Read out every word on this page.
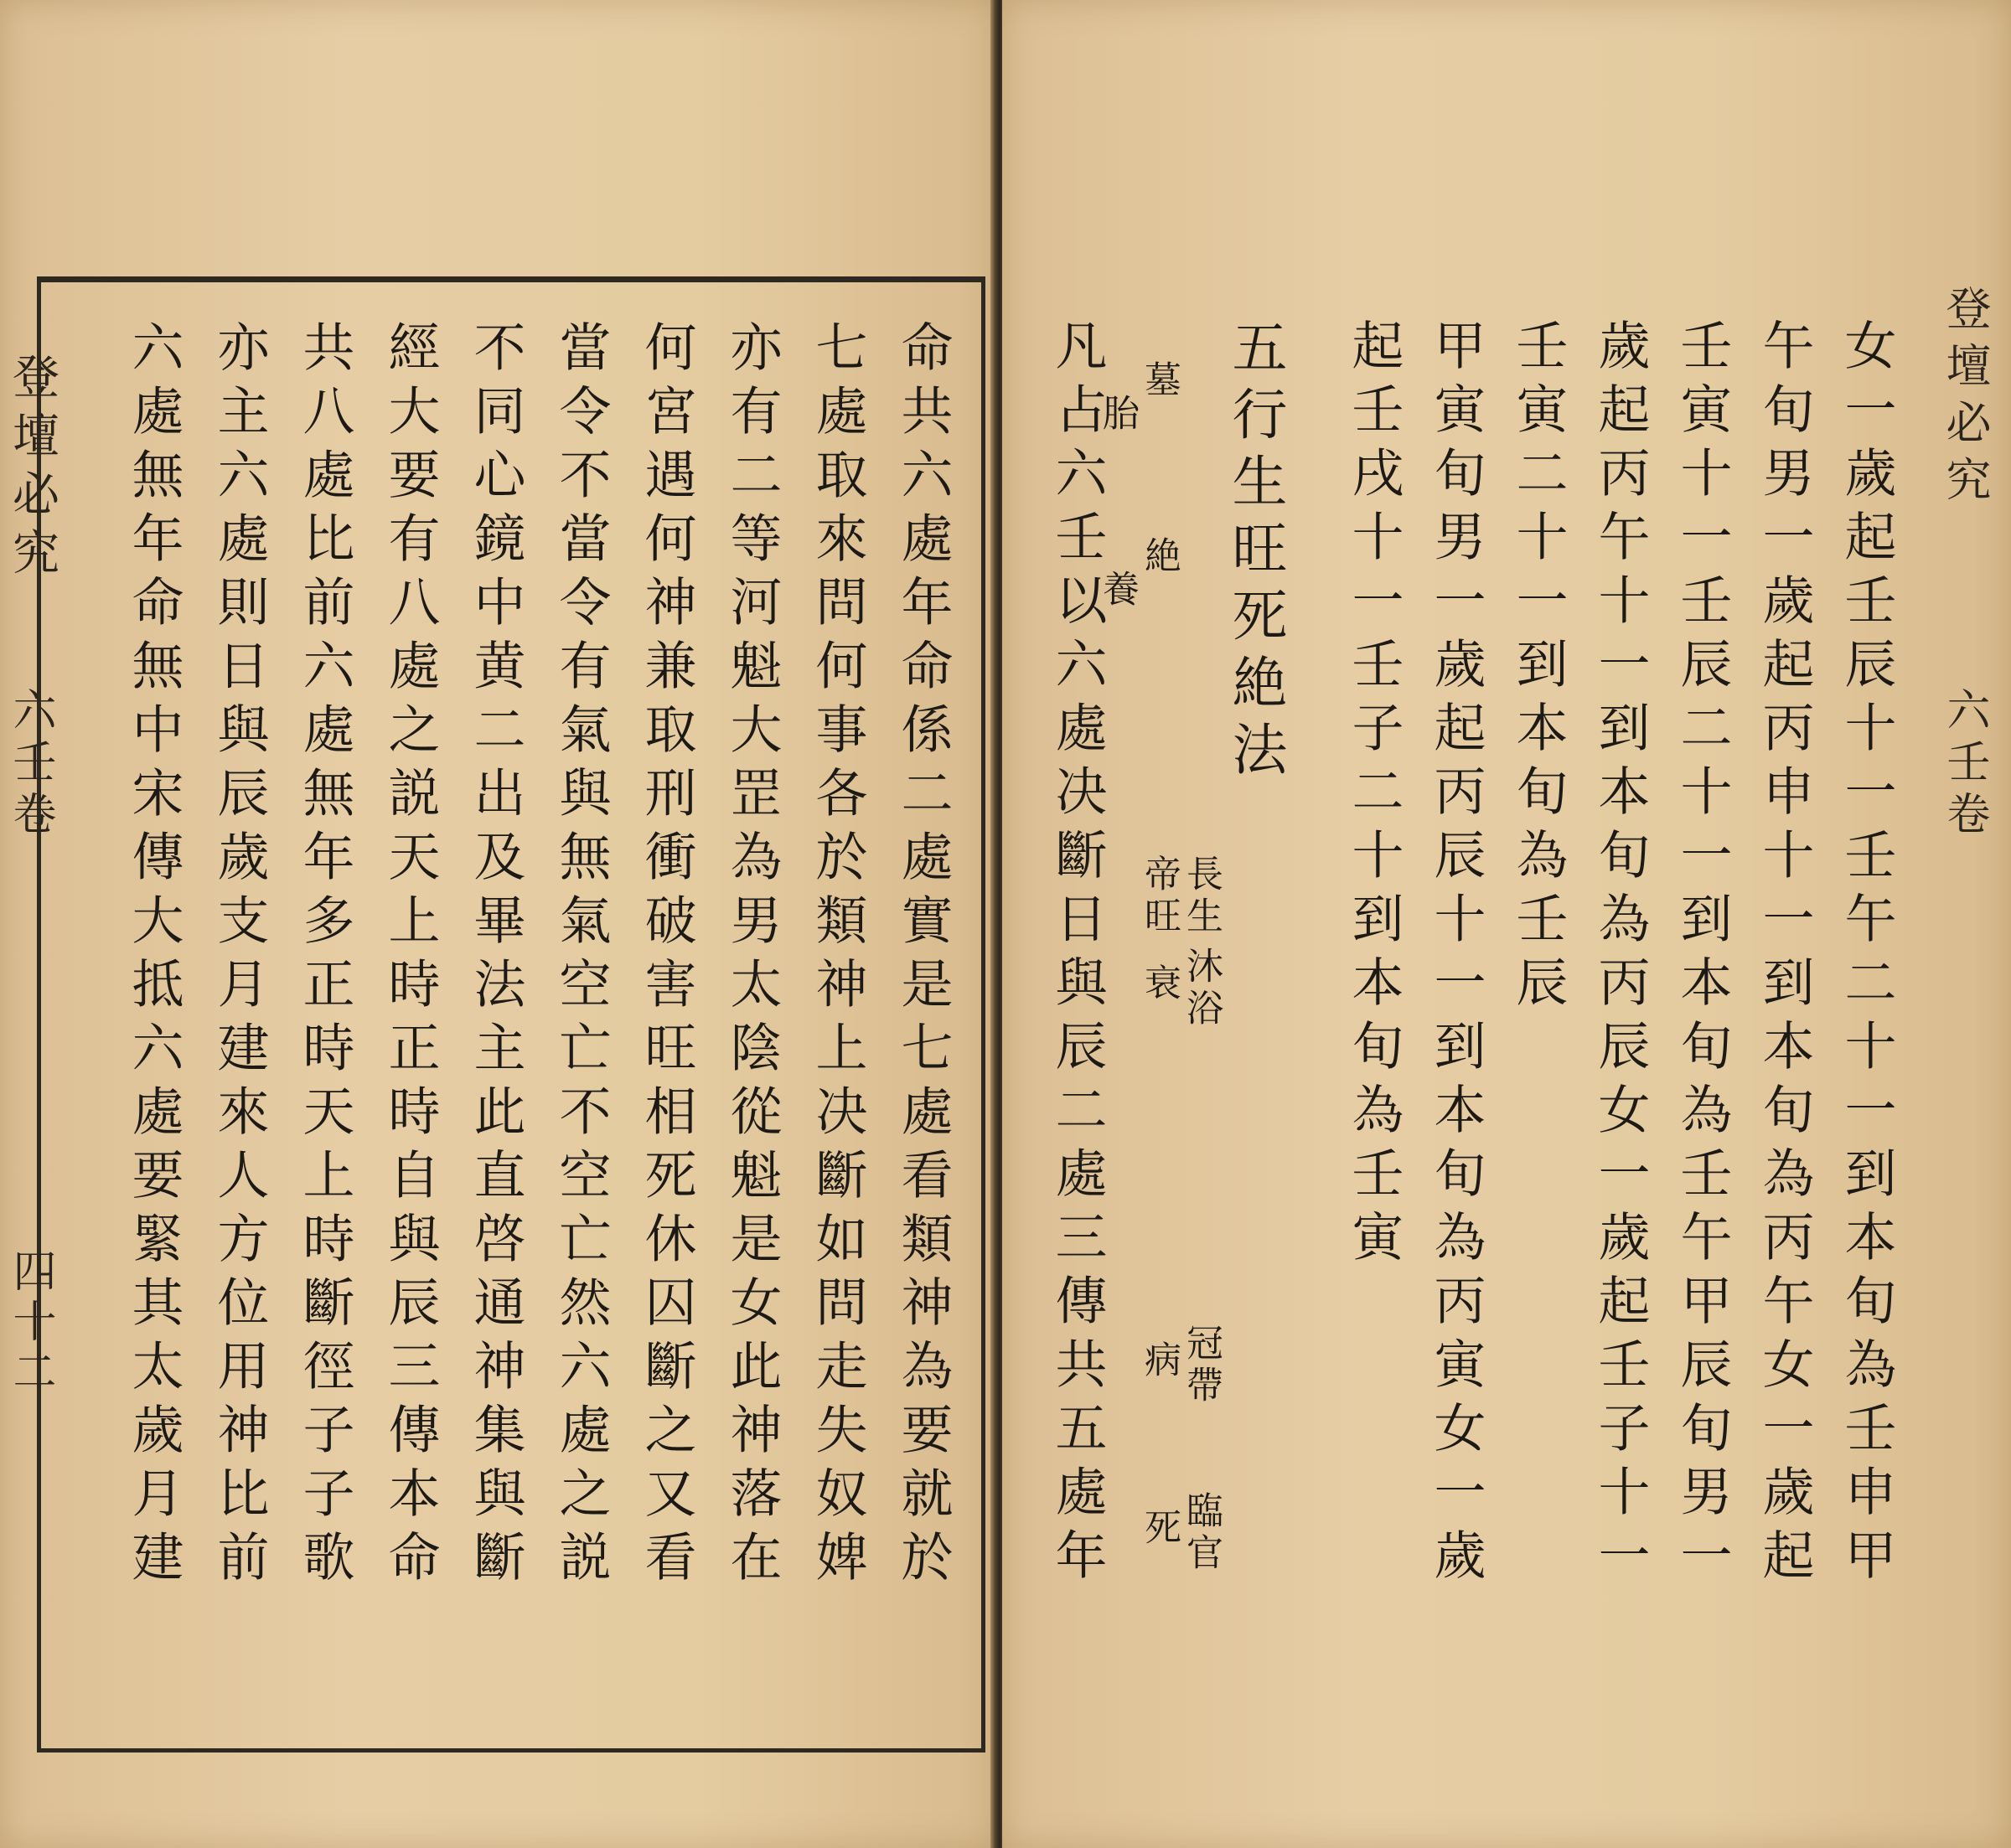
登壇必究
六壬卷
四十二	命共六處年命係二處實是七處看類神為要就於
七處取來問何事各於類神上决斷如問走失奴婢
亦有二等河魁大罡為男太陰從魁是女此神落在
何宮遇何神兼取刑衝破害旺相死休囚斷之又看
當令不當令有氣與無氣空亡不空亡然六處之説
不同心鏡中黄二出及畢法主此直啓通神集與斷
經大要有八處之説天上時正時自與辰三傳本命
共八處比前六處無年多正時天上時斷徑子子歌
亦主六處則日與辰歲支月建來人方位用神比前
六處無年命無中宋傳大抵六處要緊其太歲月建	登壇必究
六壬卷
女一歲起壬辰十一壬午二十一到本旬為壬申甲
午旬男一歲起丙申十一到本旬為丙午女一歲起
壬寅十一壬辰二十一到本旬為壬午甲辰旬男一
歲起丙午十一到本旬為丙辰女一歲起壬子十一
壬寅二十一到本旬為壬辰
甲寅旬男一歲起丙辰十一到本旬為丙寅女一歲
起壬戌十一壬子二十到本旬為壬寅
凡占六壬以六處决斷日與辰二處三傳共五處年 五行生旺死絶法
墓
胎
絶
養
長生
帝旺
沐浴
衰
冠帶
病
臨官
死
